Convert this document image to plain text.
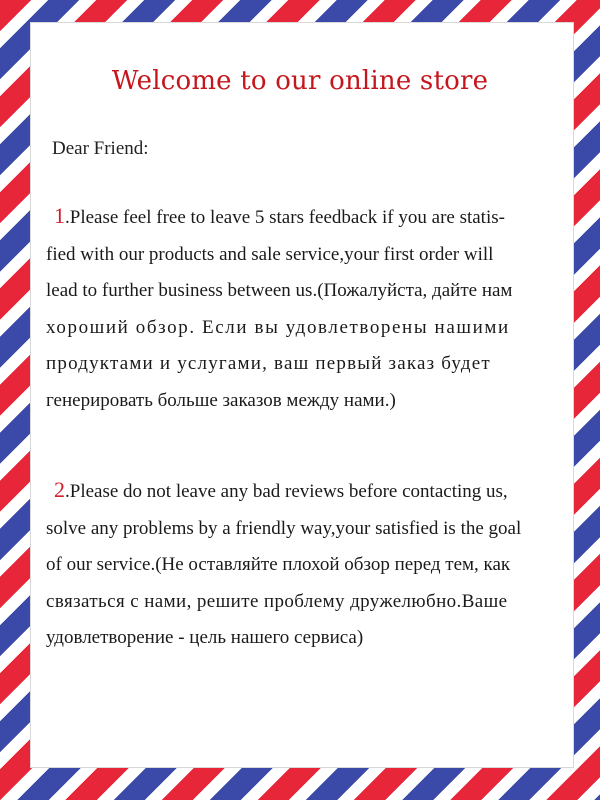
Welcome to our online store
Dear Friend:

1.Please feel free to leave 5 stars feedback if you are statis-
fied with our products and sale service,your first order will
lead to further business between us.(Пожалуйста, дайте нам
хороший обзор. Если вы удовлетворены нашими
продуктами и услугами, ваш первый заказ будет
генерировать больше заказов между нами.)

2.Please do not leave any bad reviews before contacting us,
solve any problems by a friendly way,your satisfied is the goal
of our service.(Не оставляйте плохой обзор перед тем, как
связаться с нами, решите проблему дружелюбно.Ваше
удовлетворение - цель нашего сервиса)
